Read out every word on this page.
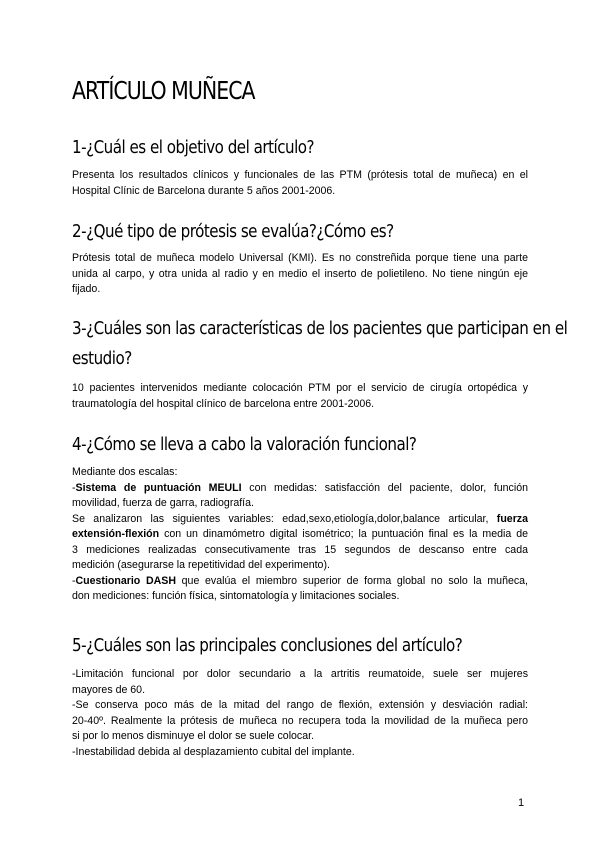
ARTÍCULO MUÑECA
1-¿Cuál es el objetivo del artículo?
Presenta los resultados clínicos y funcionales de las PTM (prótesis total de muñeca) en el
Hospital Clínic de Barcelona durante 5 años 2001-2006.
2-¿Qué tipo de prótesis se evalúa?¿Cómo es?
Prótesis total de muñeca modelo Universal (KMI). Es no constreñida porque tiene una parte
unida al carpo, y otra unida al radio y en medio el inserto de polietileno. No tiene ningún eje
fijado.
3-¿Cuáles son las características de los pacientes que participan en el
estudio?
10 pacientes intervenidos mediante colocación PTM por el servicio de cirugía ortopédica y
traumatología del hospital clínico de barcelona entre 2001-2006.
4-¿Cómo se lleva a cabo la valoración funcional?
Mediante dos escalas:
-Sistema de puntuación MEULI con medidas: satisfacción del paciente, dolor, función
movilidad, fuerza de garra, radiografía.
Se analizaron las siguientes variables: edad,sexo,etiología,dolor,balance articular, fuerza
extensión-flexión con un dinamómetro digital isométrico; la puntuación final es la media de
3 mediciones realizadas consecutivamente tras 15 segundos de descanso entre cada
medición (asegurarse la repetitividad del experimento).
-Cuestionario DASH que evalúa el miembro superior de forma global no solo la muñeca,
don mediciones: función física, sintomatología y limitaciones sociales.
5-¿Cuáles son las principales conclusiones del artículo?
-Limitación funcional por dolor secundario a la artritis reumatoide, suele ser mujeres
mayores de 60.
-Se conserva poco más de la mitad del rango de flexión, extensión y desviación radial:
20-40º. Realmente la prótesis de muñeca no recupera toda la movilidad de la muñeca pero
si por lo menos disminuye el dolor se suele colocar.
-Inestabilidad debida al desplazamiento cubital del implante.
1
